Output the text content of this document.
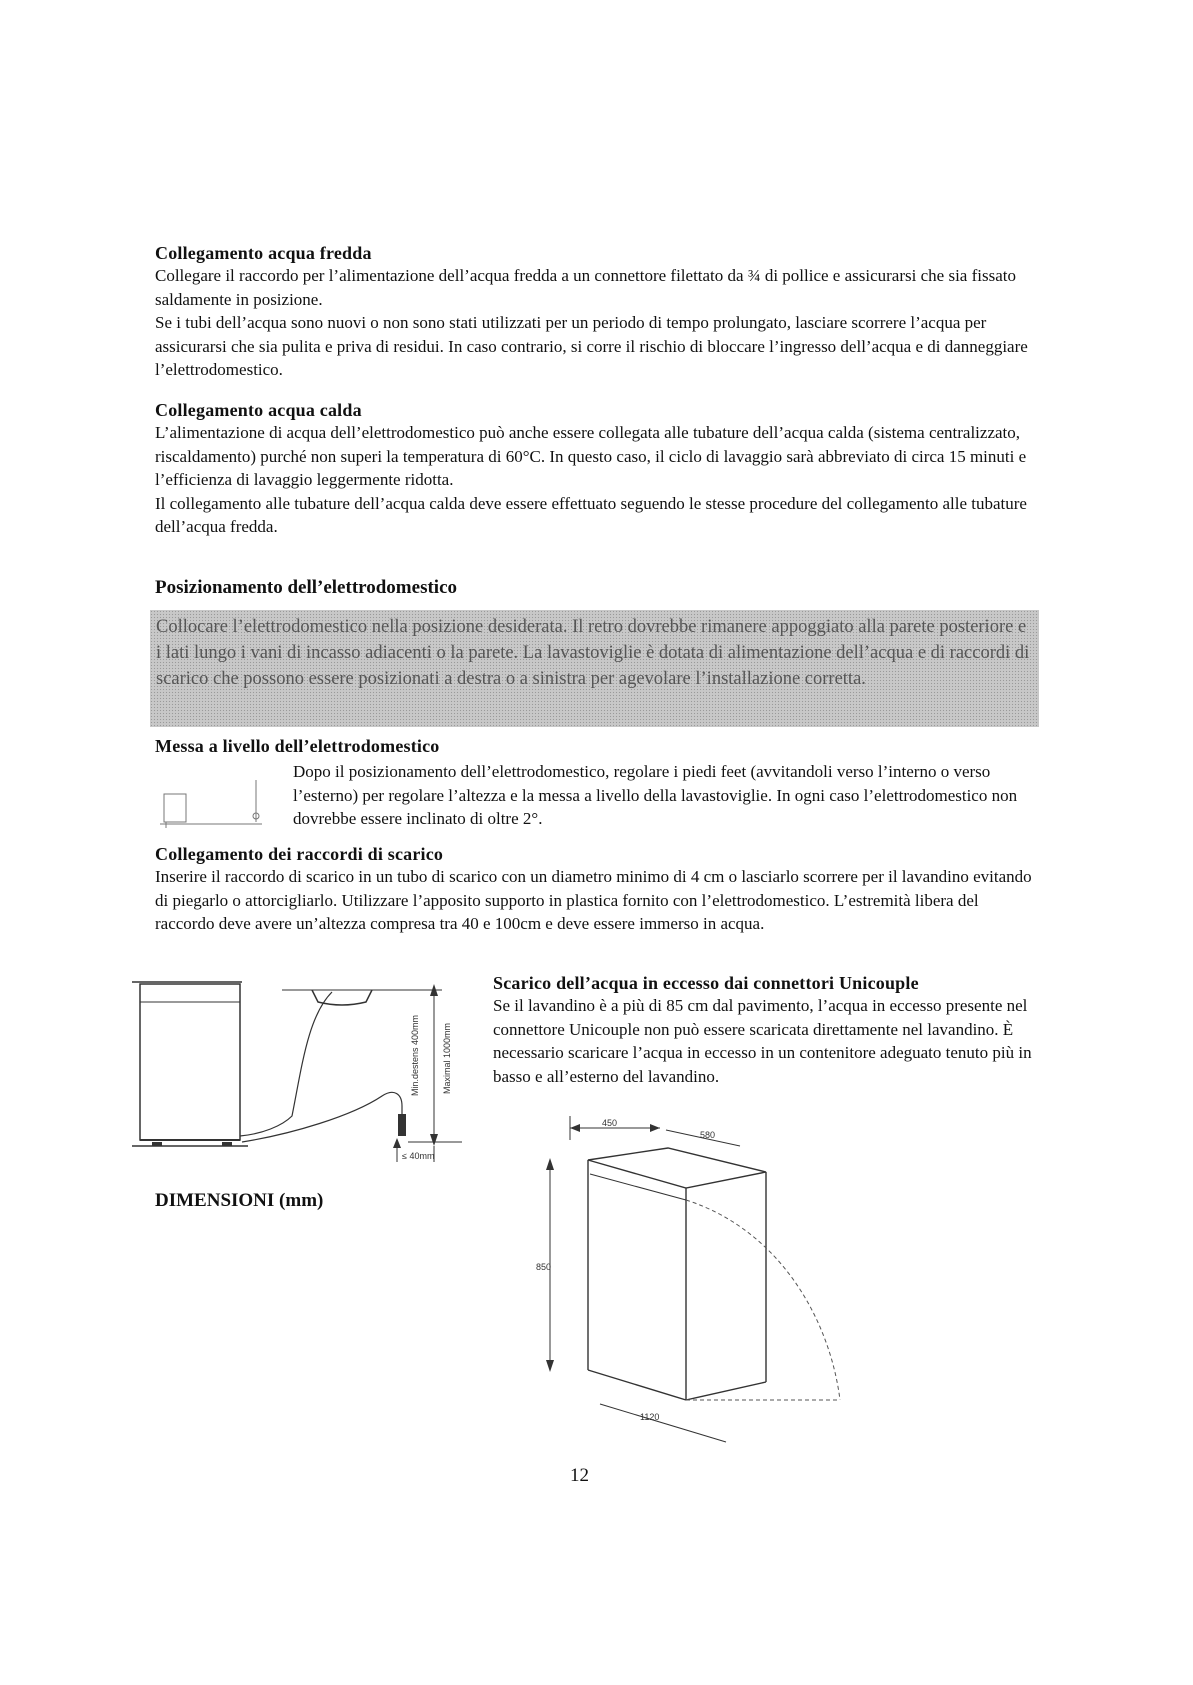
Collegamento acqua fredda

Collegare il raccordo per l’alimentazione dell’acqua fredda a un connettore filettato da ¾ di pollice e assicurarsi che sia fissato saldamente in posizione.

Se i tubi dell’acqua sono nuovi o non sono stati utilizzati per un periodo di tempo prolungato, lasciare scorrere l’acqua per assicurarsi che sia pulita e priva di residui. In caso contrario, si corre il rischio di bloccare l’ingresso dell’acqua e di danneggiare l’elettrodomestico.

Collegamento acqua calda

L’alimentazione di acqua dell’elettrodomestico può anche essere collegata alle tubature dell’acqua calda (sistema centralizzato, riscaldamento) purché non superi la temperatura di 60°C. In questo caso, il ciclo di lavaggio sarà abbreviato di circa 15 minuti e l’efficienza di lavaggio leggermente ridotta.

Il collegamento alle tubature dell’acqua calda deve essere effettuato seguendo le stesse procedure del collegamento alle tubature dell’acqua fredda.

Posizionamento dell’elettrodomestico

Collocare l’elettrodomestico nella posizione desiderata. Il retro dovrebbe rimanere appoggiato alla parete posteriore e i lati lungo i vani di incasso adiacenti o la parete. La lavastoviglie è dotata di alimentazione dell’acqua e di raccordi di scarico che possono essere posizionati a destra o a sinistra per agevolare l’installazione corretta.

Messa a livello dell’elettrodomestico

Dopo il posizionamento dell’elettrodomestico, regolare i piedi feet (avvitandoli verso l’interno o verso l’esterno) per regolare l’altezza e la messa a livello della lavastoviglie. In ogni caso l’elettrodomestico non dovrebbe essere inclinato di oltre 2°.

Collegamento dei raccordi di scarico

Inserire il raccordo di scarico in un tubo di scarico con un diametro minimo di 4 cm o lasciarlo scorrere per il lavandino evitando di piegarlo o attorcigliarlo. Utilizzare l’apposito supporto in plastica fornito con l’elettrodomestico. L’estremità libera del raccordo deve avere un’altezza compresa tra 40 e 100cm e deve essere immerso in acqua.

Min.destens 400mm Maximal 1000mm
≤ 40mm

Scarico dell’acqua in eccesso dai connettori Unicouple

Se il lavandino è a più di 85 cm dal pavimento, l’acqua in eccesso presente nel connettore Unicouple non può essere scaricata direttamente nel lavandino. È necessario scaricare l’acqua in eccesso in un contenitore adeguato tenuto più in basso e all’esterno del lavandino.

DIMENSIONI (mm)
450
580
850
1120
12
